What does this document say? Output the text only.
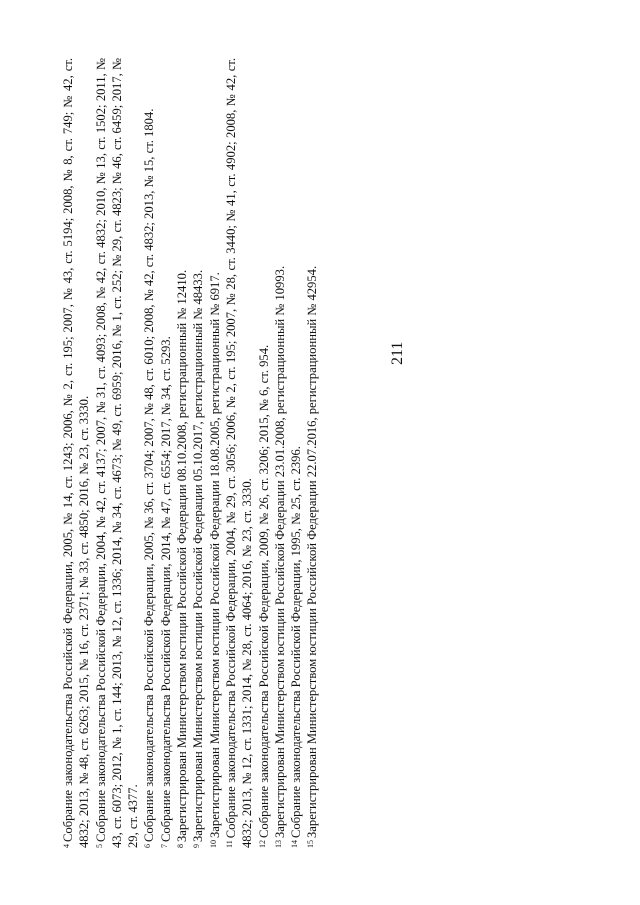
211

$^4$Собрание законодательства Российской Федерации, 2005, № 14, ст. 1243; 2006, № 2, ст. 195; 2007, № 43, ст. 5194; 2008, № 8, ст. 749; № 42, ст. 4832; 2013, № 48, ст. 6263; 2015, № 16, ст. 2371; № 33, ст. 4850; 2016, № 23, ст. 3330. $^5$Собрание законодательства Российской Федерации, 2004, № 42, ст. 4137; 2007, № 31, ст. 4093; 2008, № 42, ст. 4832; 2010, № 13, ст. 1502; 2011, № 43, ст. 6073; 2012, № 1, ст. 144; 2013, № 12, ст. 1336; 2014, № 34, ст. 4673; № 49, ст. 6959; 2016, № 1, ст. 252; № 29, ст. 4823; № 46, ст. 6459; 2017, № 29, ст. 4377. $^6$Собрание законодательства Российской Федерации, 2005, № 36, ст. 3704; 2007, № 48, ст. 6010; 2008, № 42, ст. 4832; 2013, № 15, ст. 1804.

$^7$Собрание законодательства Российской Федерации, 2014, № 47, ст. 6554; 2017, № 34, ст. 5293.

$^8$Зарегистрирован Министерством юстиции Российской Федерации 08.10.2008, регистрационный № 12410.

$^9$Зарегистрирован Министерством юстиции Российской Федерации 05.10.2017, регистрационный № 48433.

$^{10}$Зарегистрирован Министерством юстиции Российской Федерации 18.08.2005, регистрационный № 6917.

$^{11}$Собрание законодательства Российской Федерации, 2004, № 29, ст. 3056; 2006, № 2, ст. 195; 2007, № 28, ст. 3440; № 41, ст. 4902; 2008, № 42, ст. 4832; 2013, № 12, ст. 1331; 2014, № 28, ст. 4064; 2016, № 23, ст. 3330. $^{12}$Собрание законодательства Российской Федерации, 2009, № 26, ст. 3206; 2015, № 6, ст. 954.

$^{13}$Зарегистрирован Министерством юстиции Российской Федерации 23.01.2008, регистрационный № 10993.

$^{14}$Собрание законодательства Российской Федерации, 1995, № 25, ст. 2396.

$^{15}$Зарегистрирован Министерством юстиции Российской Федерации 22.07.2016, регистрационный № 42954.
